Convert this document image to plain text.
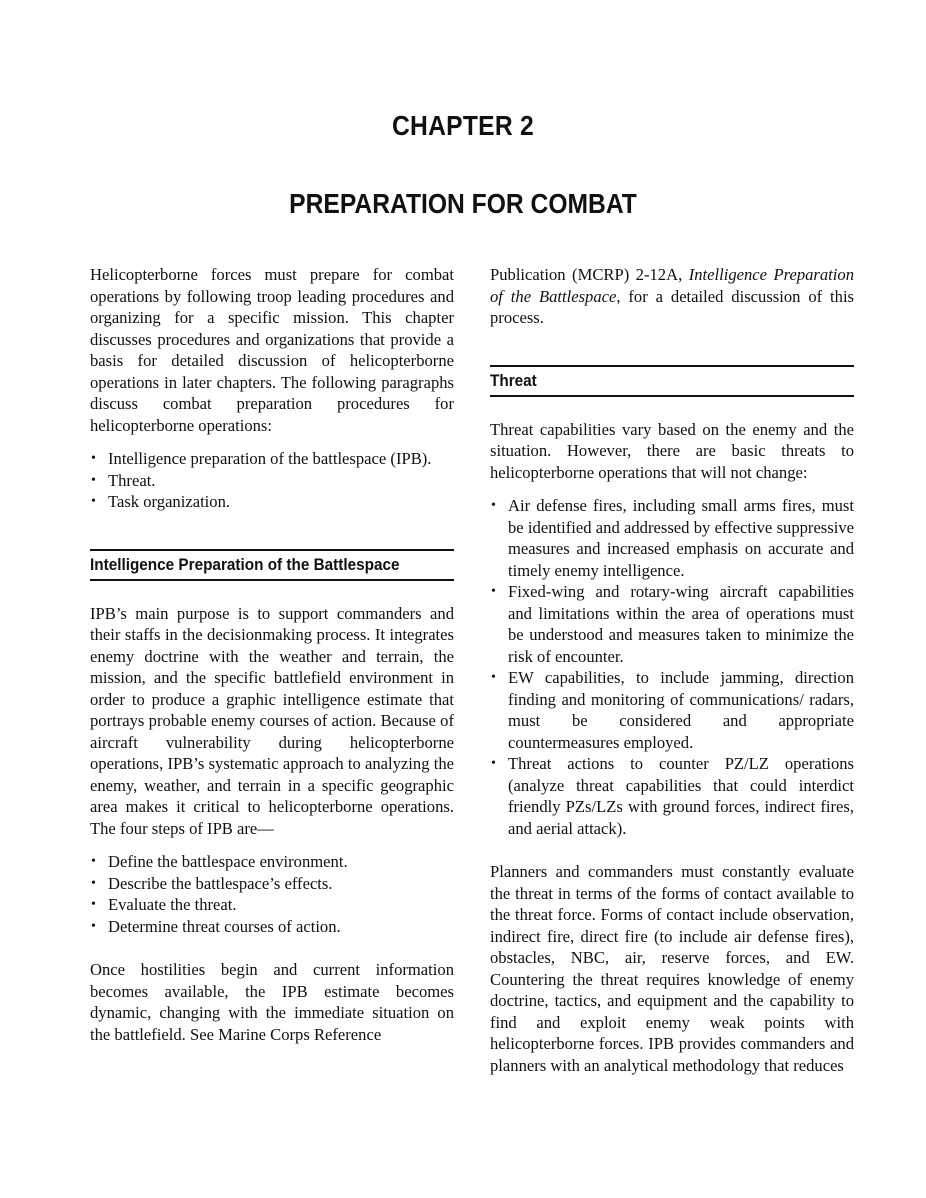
CHAPTER 2
PREPARATION FOR COMBAT

Helicopterborne forces must prepare for combat operations by following troop leading procedures and organizing for a specific mission. This chapter discusses procedures and organizations that provide a basis for detailed discussion of helicopterborne operations in later chapters. The following paragraphs discuss combat preparation procedures for helicopterborne operations:

• Intelligence preparation of the battlespace (IPB).
• Threat.
• Task organization.
Intelligence Preparation of the Battlespace

IPB’s main purpose is to support commanders and their staffs in the decisionmaking process. It integrates enemy doctrine with the weather and terrain, the mission, and the specific battlefield environment in order to produce a graphic intelligence estimate that portrays probable enemy courses of action. Because of aircraft vulnerability during helicopterborne operations, IPB’s systematic approach to analyzing the enemy, weather, and terrain in a specific geographic area makes it critical to helicopterborne operations. The four steps of IPB are—

• Define the battlespace environment.
• Describe the battlespace’s effects.
• Evaluate the threat.
• Determine threat courses of action.

Once hostilities begin and current information becomes available, the IPB estimate becomes dynamic, changing with the immediate situation on the battlefield. See Marine Corps Reference

Publication (MCRP) 2-12A, Intelligence Preparation of the Battlespace, for a detailed discussion of this process.

Threat

Threat capabilities vary based on the enemy and the situation. However, there are basic threats to helicopterborne operations that will not change:

• Air defense fires, including small arms fires, must be identified and addressed by effective suppressive measures and increased emphasis on accurate and timely enemy intelligence.
• Fixed-wing and rotary-wing aircraft capabilities and limitations within the area of operations must be understood and measures taken to minimize the risk of encounter.
• EW capabilities, to include jamming, direction finding and monitoring of communications/ radars, must be considered and appropriate countermeasures employed.
• Threat actions to counter PZ/LZ operations (analyze threat capabilities that could interdict friendly PZs/LZs with ground forces, indirect fires, and aerial attack).

Planners and commanders must constantly evaluate the threat in terms of the forms of contact available to the threat force. Forms of contact include observation, indirect fire, direct fire (to include air defense fires), obstacles, NBC, air, reserve forces, and EW. Countering the threat requires knowledge of enemy doctrine, tactics, and equipment and the capability to find and exploit enemy weak points with helicopterborne forces. IPB provides commanders and planners with an analytical methodology that reduces
